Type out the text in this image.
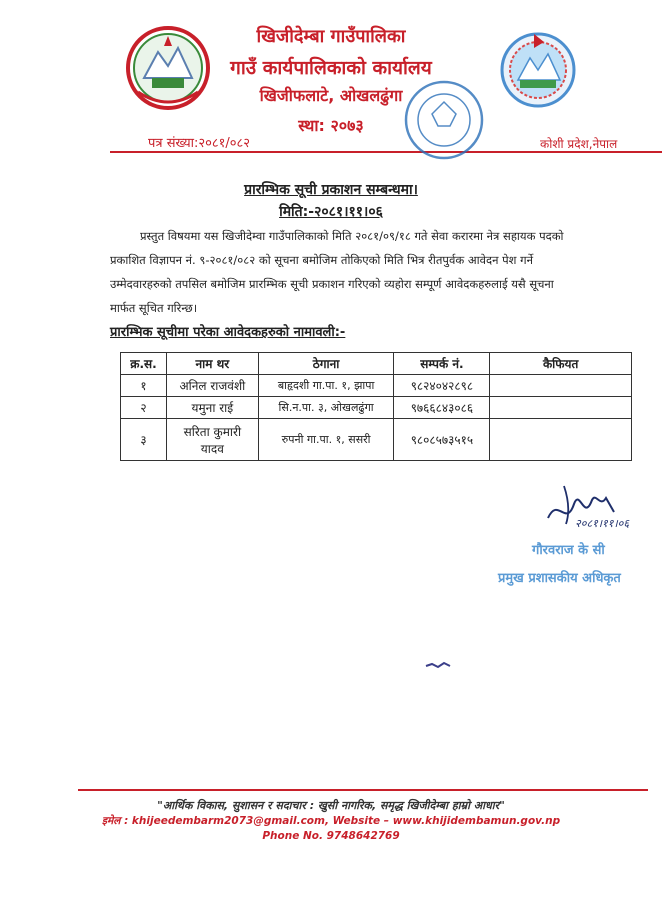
खिजीदेम्बा गाउँपालिका
गाउँ कार्यपालिकाको कार्यालय
खिजीफलाटे, ओखलढुंगा
स्था: २०७३
पत्र संख्या:२०८१/०८२	कोशी प्रदेश,नेपाल
प्रारम्भिक सूची प्रकाशन सम्बन्धमा।
मिति:-२०८१।११।०६
प्रस्तुत विषयमा यस खिजीदेम्वा गाउँपालिकाको मिति २०८१/०९/१८ गते सेवा करारमा नेत्र सहायक पदको
प्रकाशित विज्ञापन नं. ९-२०८१/०८२ को सूचना बमोजिम तोकिएको मिति भित्र रीतपुर्वक आवेदन पेश गर्ने
उम्मेदवारहरुको तपसिल बमोजिम प्रारम्भिक सूची प्रकाशन गरिएको व्यहोरा सम्पूर्ण आवेदकहरुलाई यसै सूचना
मार्फत सूचित गरिन्छ।
प्रारम्भिक सूचीमा परेका आवेदकहरुको नामावली:-
क्र.स.	नाम थर	ठेगाना	सम्पर्क नं.	कैफियत
१	अनिल राजवंशी	बाहृदशी गा.पा. १, झापा	९८२४०४२८९८	
२	यमुना राई	सि.न.पा. ३, ओखलढुंगा	९७६६८४३०८६	
३	सरिता कुमारी यादव	रुपनी गा.पा. १, ससरी	९८०८५७३५१५	
२०८१।११।०६
गौरवराज के सी
प्रमुख प्रशासकीय अधिकृत
"आर्थिक विकास, सुशासन र सदाचार : खुसी नागरिक, समृद्ध खिजीदेम्बा हाम्रो आधार"
इमेल : khijeedembarm2073@gmail.com, Website – www.khijidembamun.gov.np
Phone No. 9748642769
